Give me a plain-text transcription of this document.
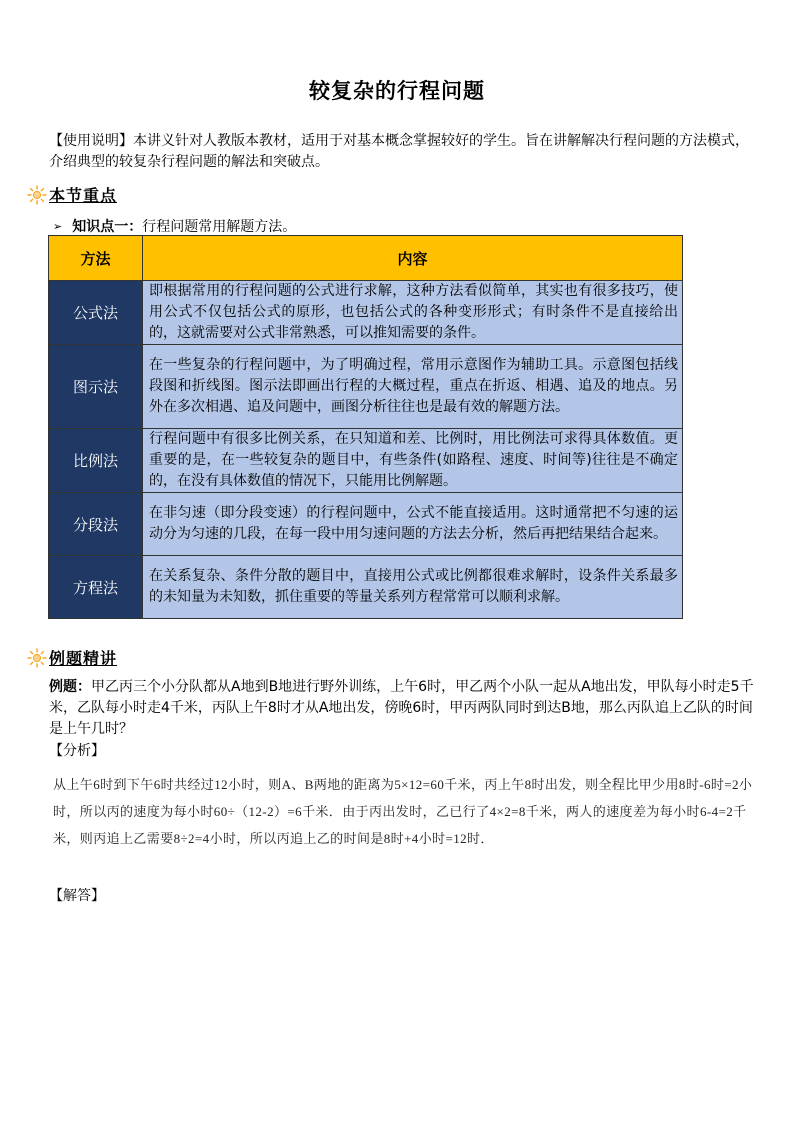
较复杂的行程问题
【使用说明】本讲义针对人教版本教材，适用于对基本概念掌握较好的学生。旨在讲解解决行程问题的方法模式，介绍典型的较复杂行程问题的解法和突破点。
本节重点
➢ 知识点一： 行程问题常用解题方法。
方法	内容
公式法	即根据常用的行程问题的公式进行求解，这种方法看似简单，其实也有很多技巧，使用公式不仅包括公式的原形，也包括公式的各种变形形式；有时条件不是直接给出的，这就需要对公式非常熟悉，可以推知需要的条件。
图示法	在一些复杂的行程问题中，为了明确过程，常用示意图作为辅助工具。示意图包括线段图和折线图。图示法即画出行程的大概过程，重点在折返、相遇、追及的地点。另外在多次相遇、追及问题中，画图分析往往也是最有效的解题方法。
比例法	行程问题中有很多比例关系，在只知道和差、比例时，用比例法可求得具体数值。更重要的是，在一些较复杂的题目中，有些条件(如路程、速度、时间等)往往是不确定的，在没有具体数值的情况下，只能用比例解题。
分段法	在非匀速（即分段变速）的行程问题中，公式不能直接适用。这时通常把不匀速的运动分为匀速的几段，在每一段中用匀速问题的方法去分析，然后再把结果结合起来。
方程法	在关系复杂、条件分散的题目中，直接用公式或比例都很难求解时，设条件关系最多的未知量为未知数，抓住重要的等量关系列方程常常可以顺利求解。
例题精讲
例题：甲乙丙三个小分队都从A地到B地进行野外训练，上午6时，甲乙两个小队一起从A地出发，甲队每小时走5千米，乙队每小时走4千米，丙队上午8时才从A地出发，傍晚6时，甲丙两队同时到达B地，那么丙队追上乙队的时间是上午几时？
【分析】
从上午6时到下午6时共经过12小时，则A、B两地的距离为5×12=60千米，丙上午8时出发，则全程比甲少用8时-6时=2小时，所以丙的速度为每小时60÷（12-2）=6千米．由于丙出发时，乙已行了4×2=8千米，两人的速度差为每小时6-4=2千米，则丙追上乙需要8÷2=4小时，所以丙追上乙的时间是8时+4小时=12时．
【解答】
